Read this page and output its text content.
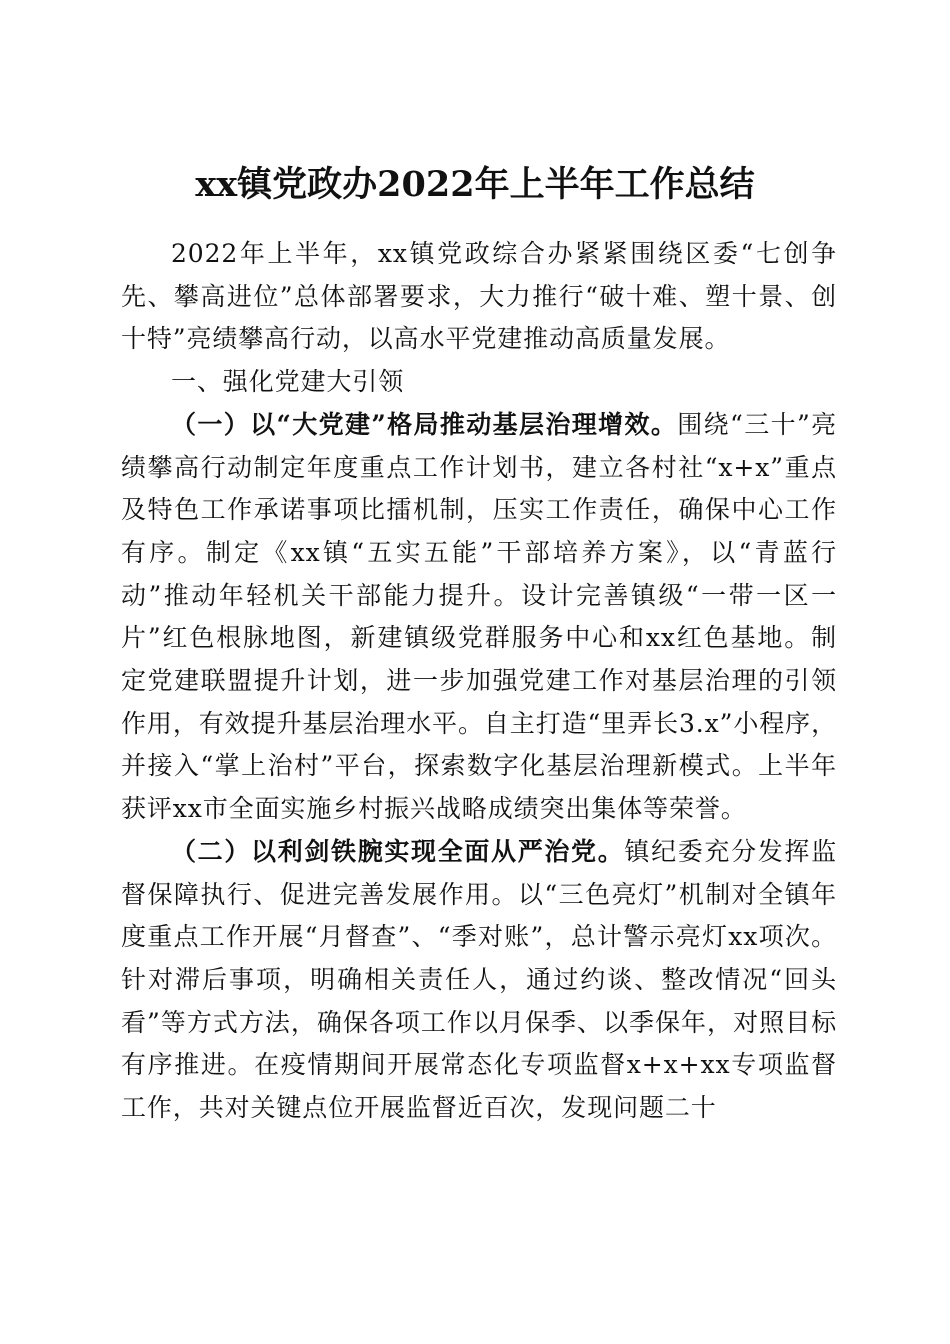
xx镇党政办2022年上半年工作总结

2022年上半年，xx镇党政综合办紧紧围绕区委“七创争先、攀高进位”总体部署要求，大力推行“破十难、塑十景、创十特”亮绩攀高行动，以高水平党建推动高质量发展。

一、强化党建大引领

（一）以“大党建”格局推动基层治理增效。围绕“三十”亮绩攀高行动制定年度重点工作计划书，建立各村社“x+x”重点及特色工作承诺事项比擂机制，压实工作责任，确保中心工作有序。制定《xx镇“五实五能”干部培养方案》，以“青蓝行动”推动年轻机关干部能力提升。设计完善镇级“一带一区一片”红色根脉地图，新建镇级党群服务中心和xx红色基地。制定党建联盟提升计划，进一步加强党建工作对基层治理的引领作用，有效提升基层治理水平。自主打造“里弄长3.x”小程序，并接入“掌上治村”平台，探索数字化基层治理新模式。上半年获评xx市全面实施乡村振兴战略成绩突出集体等荣誉。

（二）以利剑铁腕实现全面从严治党。镇纪委充分发挥监督保障执行、促进完善发展作用。以“三色亮灯”机制对全镇年度重点工作开展“月督查”、“季对账”，总计警示亮灯xx项次。针对滞后事项，明确相关责任人，通过约谈、整改情况“回头看”等方式方法，确保各项工作以月保季、以季保年，对照目标有序推进。在疫情期间开展常态化专项监督x+x+xx专项监督工作，共对关键点位开展监督近百次，发现问题二十
